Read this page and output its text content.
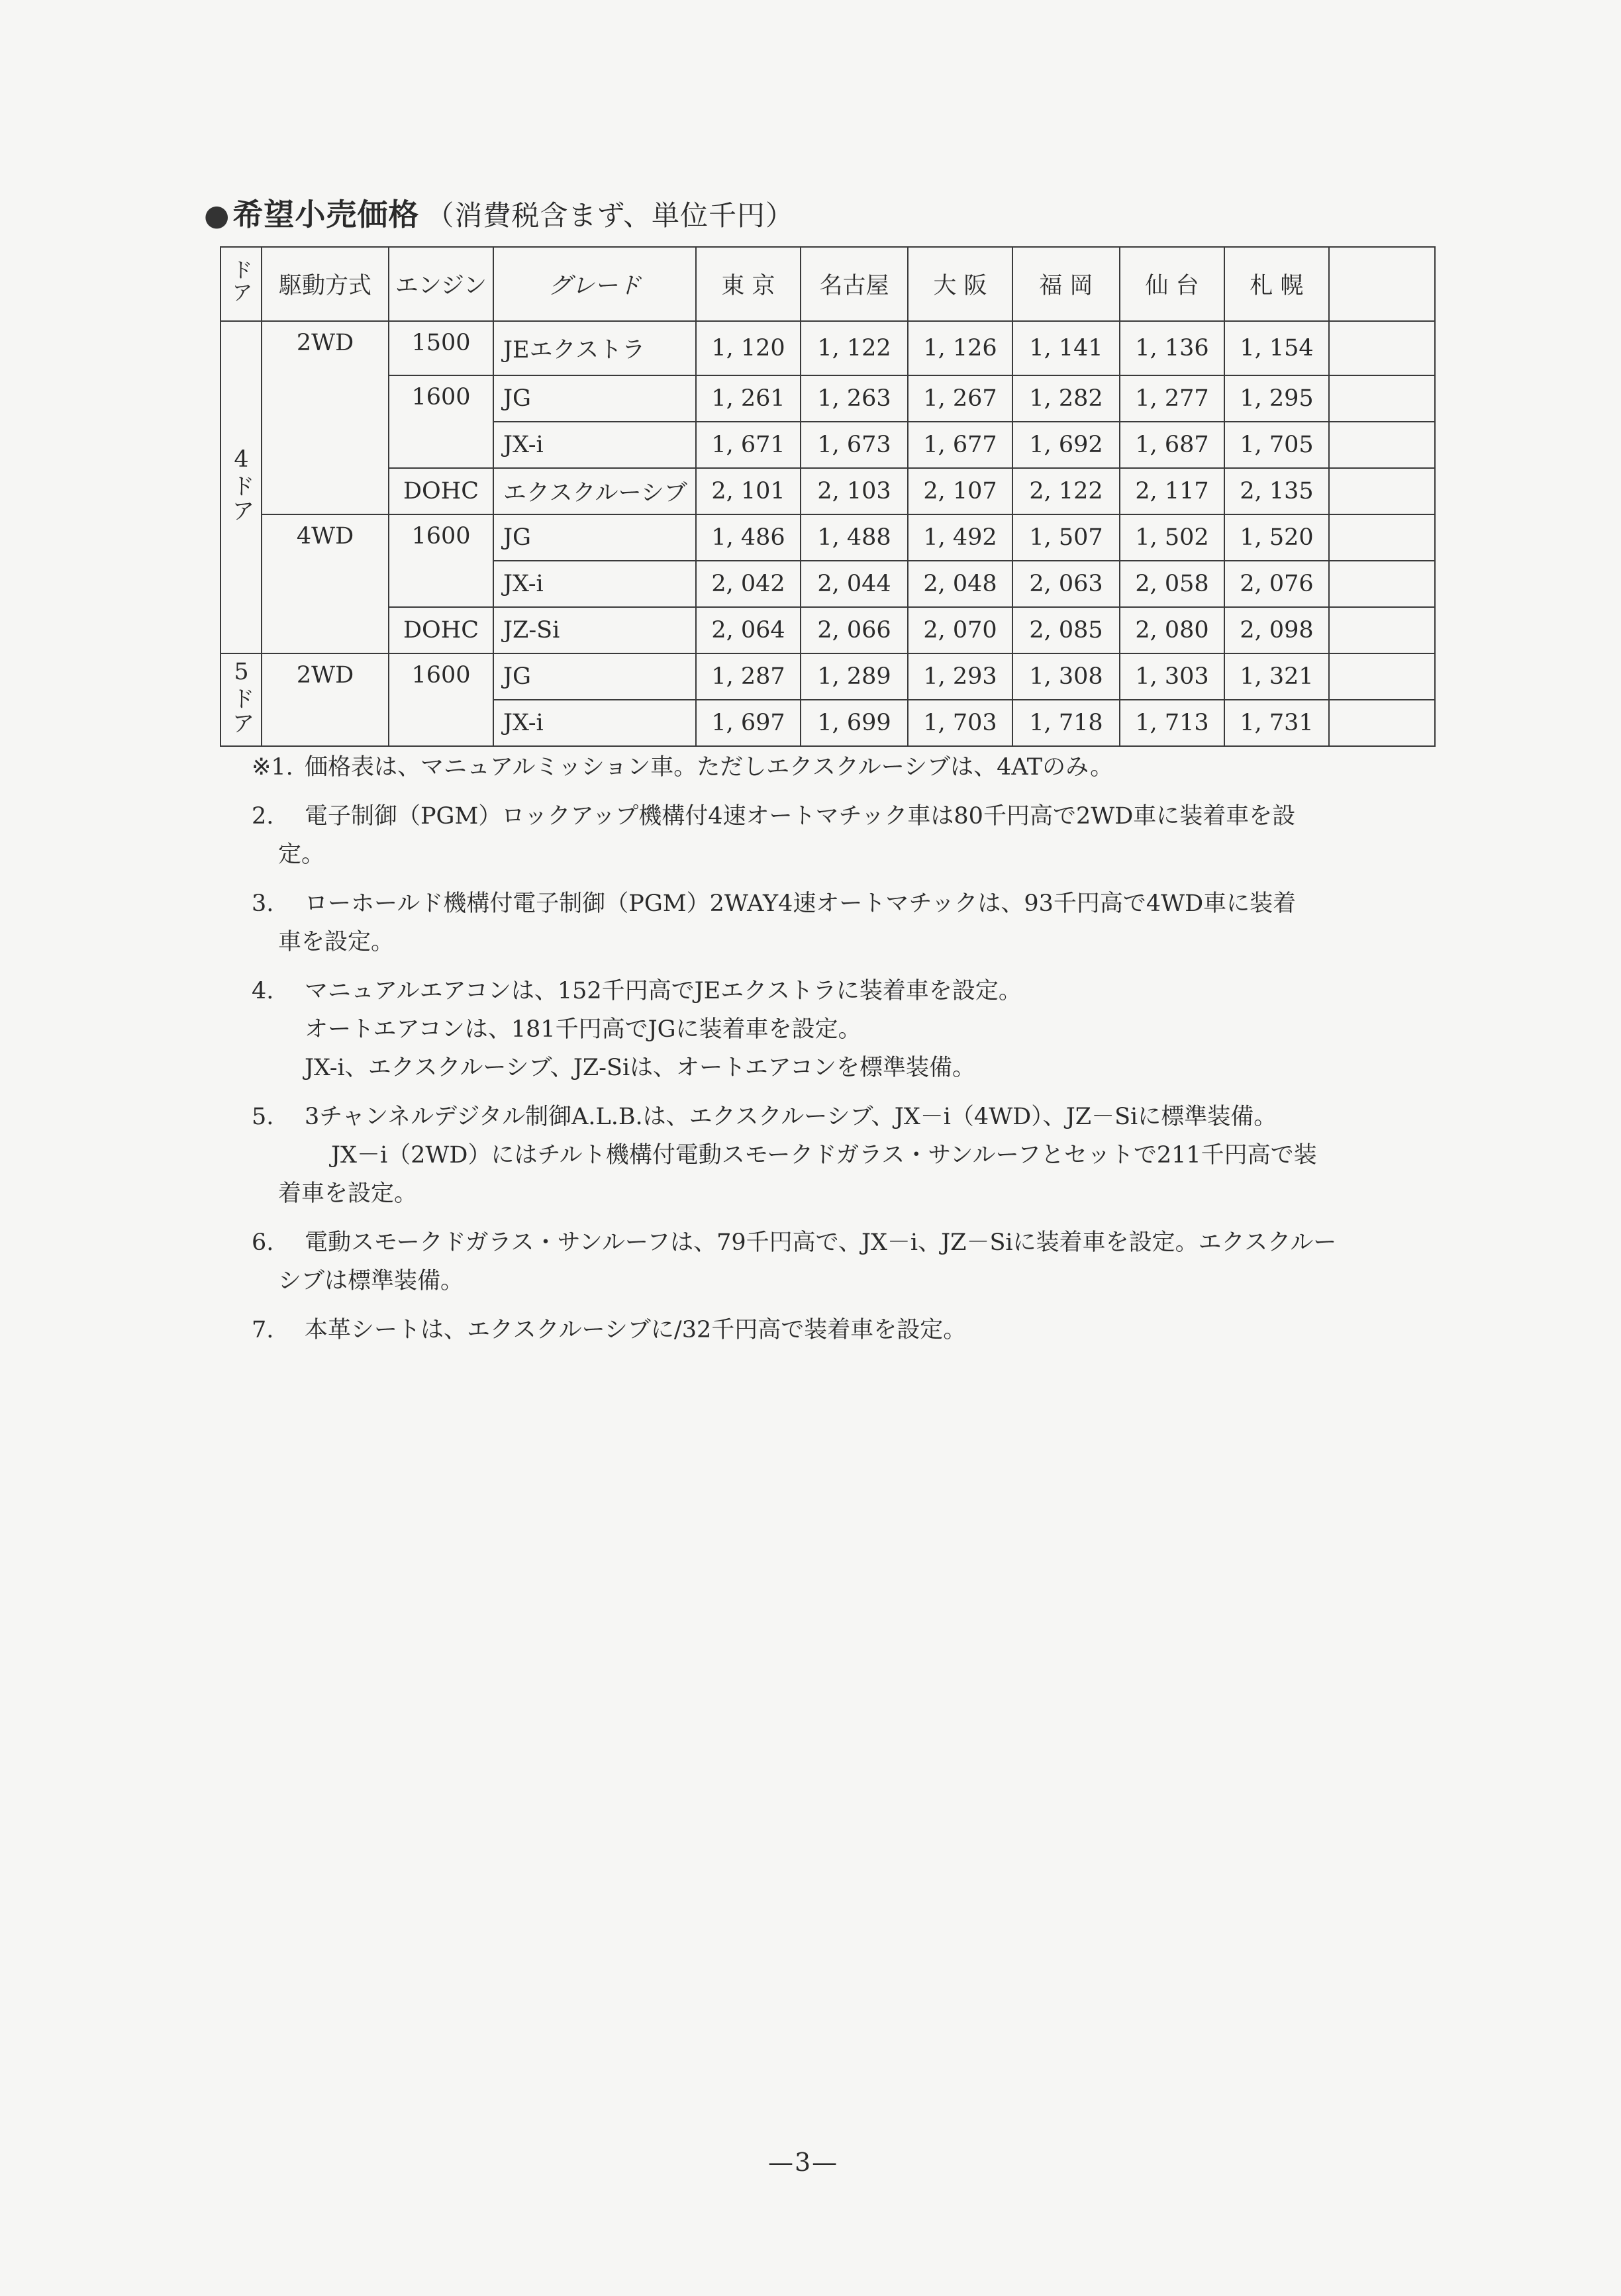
●希望小売価格 （消費税含まず、単位千円）
ドア	駆動方式	エンジン	グレード	東 京	名古屋	大 阪	福 岡	仙 台	札 幌	
4ドア	2WD	1500	JEエクストラ	1, 120	1, 122	1, 126	1, 141	1, 136	1, 154	
		1600	JG	1, 261	1, 263	1, 267	1, 282	1, 277	1, 295	
			JX-i	1, 671	1, 673	1, 677	1, 692	1, 687	1, 705	
		DOHC	エクスクルーシブ	2, 101	2, 103	2, 107	2, 122	2, 117	2, 135	
	4WD	1600	JG	1, 486	1, 488	1, 492	1, 507	1, 502	1, 520	
			JX-i	2, 042	2, 044	2, 048	2, 063	2, 058	2, 076	
		DOHC	JZ-Si	2, 064	2, 066	2, 070	2, 085	2, 080	2, 098	
5ドア	2WD	1600	JG	1, 287	1, 289	1, 293	1, 308	1, 303	1, 321	
			JX-i	1, 697	1, 699	1, 703	1, 718	1, 713	1, 731	
※1. 価格表は、マニュアルミッション車。ただしエクスクルーシブは、4ATのみ。
2. 電子制御（PGM）ロックアップ機構付4速オートマチック車は80千円高で2WD車に装着車を設
定。
3. ローホールド機構付電子制御（PGM）2WAY4速オートマチックは、93千円高で4WD車に装着
車を設定。
4. マニュアルエアコンは、152千円高でJEエクストラに装着車を設定。
オートエアコンは、181千円高でJGに装着車を設定。
JX-i、エクスクルーシブ、JZ-Siは、オートエアコンを標準装備。
5. 3チャンネルデジタル制御A.L.B.は、エクスクルーシブ、JX－i（4WD）、JZ－Siに標準装備。
JX－i（2WD）にはチルト機構付電動スモークドガラス・サンルーフとセットで211千円高で装
着車を設定。
6. 電動スモークドガラス・サンルーフは、79千円高で、JX－i、JZ－Siに装着車を設定。エクスクルー
シブは標準装備。
7. 本革シートは、エクスクルーシブに/32千円高で装着車を設定。
—3—
